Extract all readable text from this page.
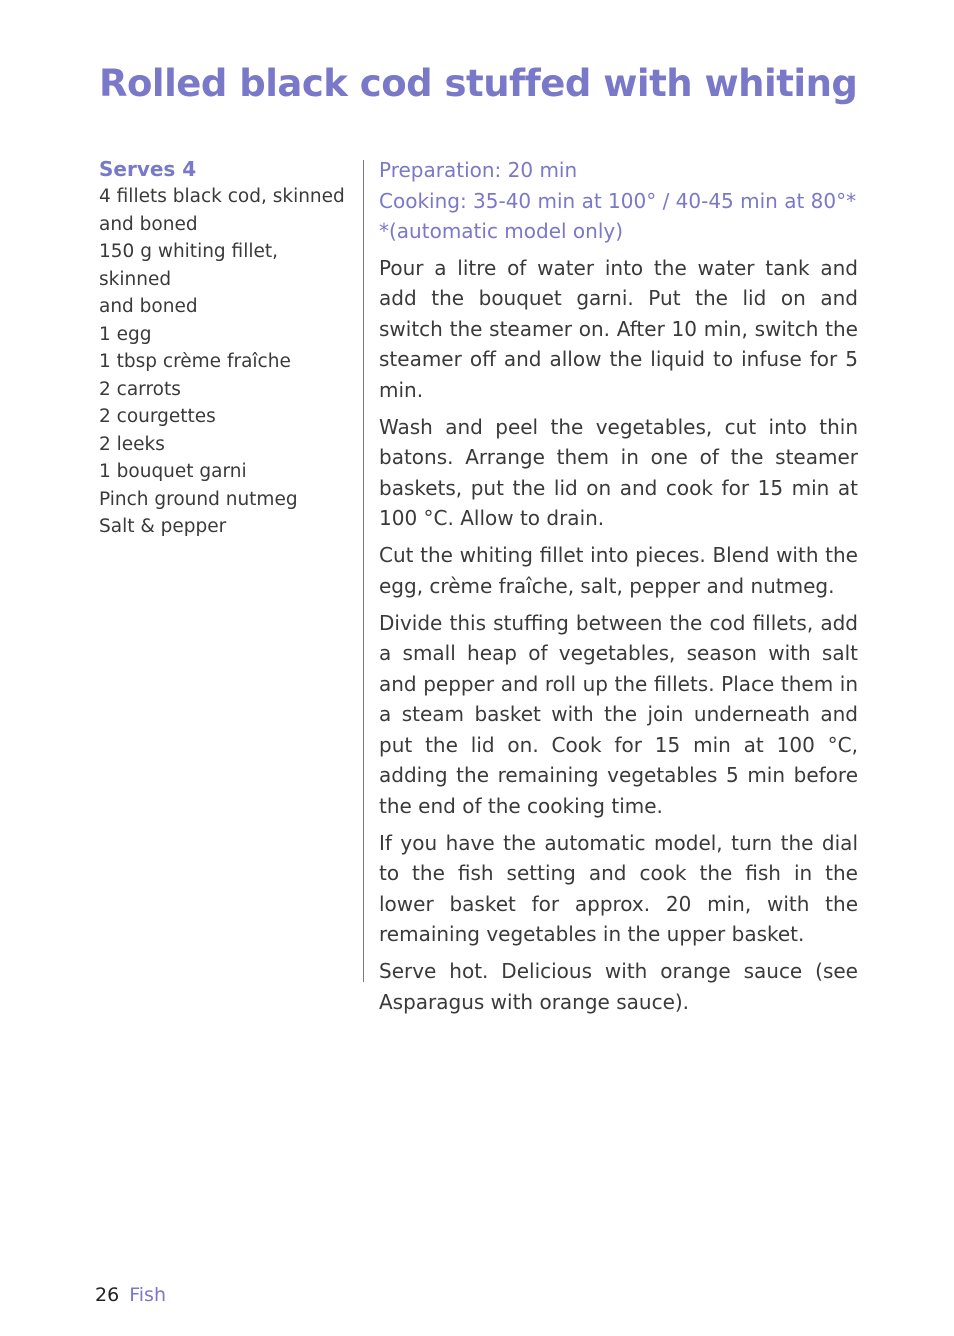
Rolled black cod stuffed with whiting

Serves 4

4 fillets black cod, skinned
and boned
150 g whiting fillet, skinned
and boned
1 egg
1 tbsp crème fraîche
2 carrots
2 courgettes
2 leeks
1 bouquet garni
Pinch ground nutmeg
Salt & pepper

Preparation: 20 min

Cooking: 35-40 min at 100° / 40-45 min at 80°*

*(automatic model only)

Pour a litre of water into the water tank and add the bouquet garni. Put the lid on and switch the steamer on. After 10 min, switch the steamer off and allow the liquid to infuse for 5 min.

Wash and peel the vegetables, cut into thin batons. Arrange them in one of the steamer baskets, put the lid on and cook for 15 min at 100 °C. Allow to drain.

Cut the whiting fillet into pieces. Blend with the egg, crème fraîche, salt, pepper and nutmeg.

Divide this stuffing between the cod fillets, add a small heap of vegetables, season with salt and pepper and roll up the fillets. Place them in a steam basket with the join underneath and put the lid on. Cook for 15 min at 100 °C, adding the remaining vegetables 5 min before the end of the cooking time.

If you have the automatic model, turn the dial to the fish setting and cook the fish in the lower basket for approx. 20 min, with the remaining vegetables in the upper basket.

Serve hot. Delicious with orange sauce (see Asparagus with orange sauce).

26 Fish
